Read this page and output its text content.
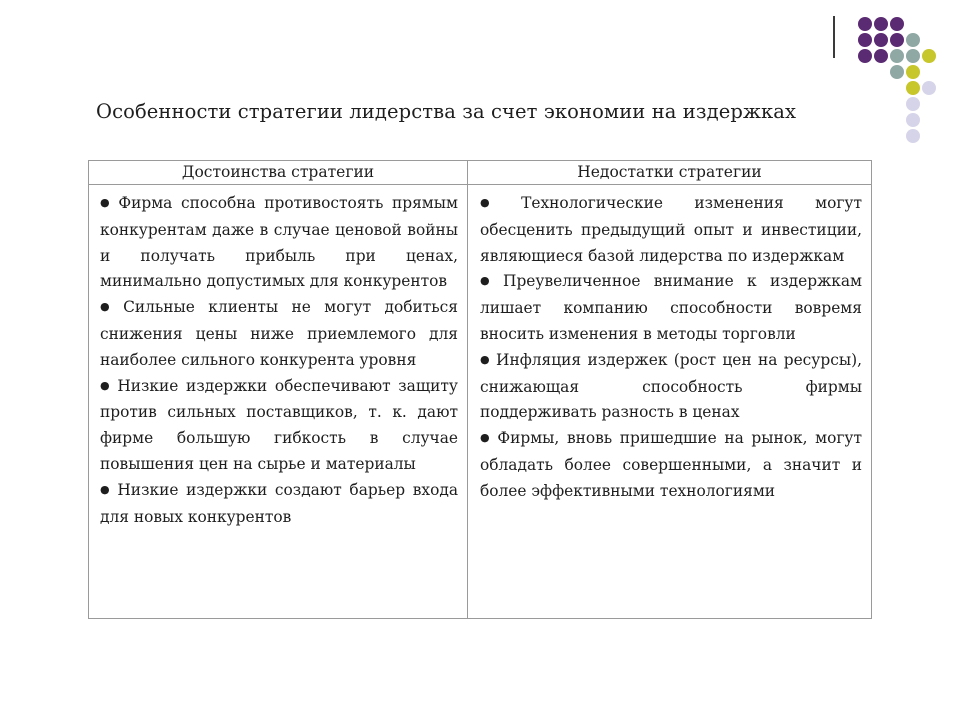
Особенности стратегии лидерства за счет экономии на издержках
Достоинства стратегии	Недостатки стратегии

● Фирма способна противостоять прямым конкурентам даже в случае ценовой войны и получать прибыль при ценах, минимально допустимых для конкурентов

● Сильные клиенты не могут добиться снижения цены ниже приемлемого для наиболее сильного конкурента уровня

● Низкие издержки обеспечивают защиту против сильных поставщиков, т. к. дают фирме большую гибкость в случае повышения цен на сырье и материалы

● Низкие издержки создают барьер входа для новых конкурентов

● Технологические изменения могут обесценить предыдущий опыт и инвестиции, являющиеся базой лидерства по издержкам

● Преувеличенное внимание к издержкам лишает компанию способности вовремя вносить изменения в методы торговли

● Инфляция издержек (рост цен на ресурсы), снижающая способность фирмы поддерживать разность в ценах

● Фирмы, вновь пришедшие на рынок, могут обладать более совершенными, а значит и более эффективными технологиями
